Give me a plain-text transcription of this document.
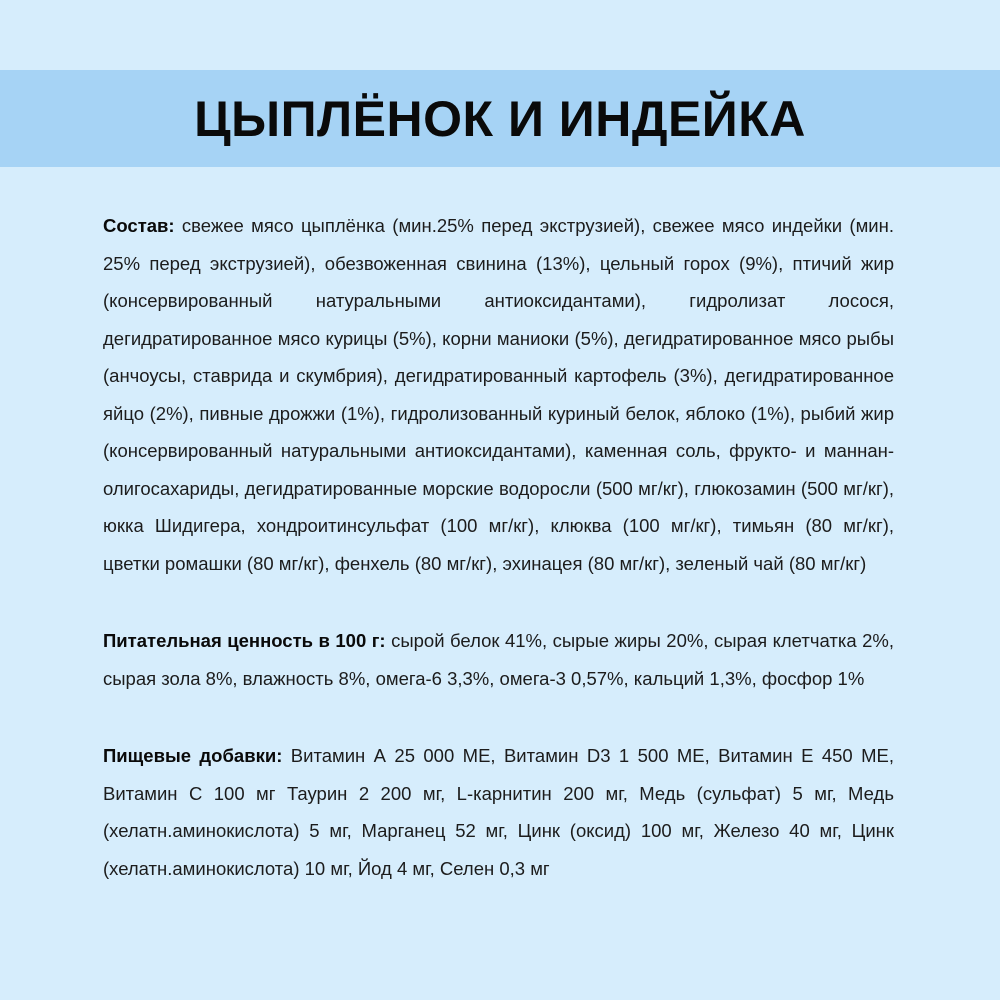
ЦЫПЛЁНОК И ИНДЕЙКА

Состав: свежее мясо цыплёнка (мин.25% перед экструзией), свежее мясо индейки (мин. 25% перед экструзией), обезвоженная свинина (13%), цельный горох (9%), птичий жир (консервированный натуральными антиоксидантами), гидролизат лосося, дегидратированное мясо курицы (5%), корни маниоки (5%), дегидратированное мясо рыбы (анчоусы, ставрида и скумбрия), дегидратированный картофель (3%), дегидратированное яйцо (2%), пивные дрожжи (1%), гидролизованный куриный белок, яблоко (1%), рыбий жир (консервированный натуральными антиоксидантами), каменная соль, фрукто- и маннан-олигосахариды, дегидратированные морские водоросли (500 мг/кг), глюкозамин (500 мг/кг), юкка Шидигера, хондроитинсульфат (100 мг/кг), клюква (100 мг/кг), тимьян (80 мг/кг), цветки ромашки (80 мг/кг), фенхель (80 мг/кг), эхинацея (80 мг/кг), зеленый чай (80 мг/кг)

Питательная ценность в 100 г: сырой белок 41%, сырые жиры 20%, сырая клетчатка 2%, сырая зола 8%, влажность 8%, омега-6 3,3%, омега-3 0,57%, кальций 1,3%, фосфор 1%

Пищевые добавки: Витамин А 25 000 МЕ, Витамин D3 1 500 МЕ, Витамин Е 450 МЕ, Витамин С 100 мг Таурин 2 200 мг, L-карнитин 200 мг, Медь (сульфат) 5 мг, Медь (хелатн.аминокислота) 5 мг, Марганец 52 мг, Цинк (оксид) 100 мг, Железо 40 мг, Цинк (хелатн.аминокислота) 10 мг, Йод 4 мг, Селен 0,3 мг
